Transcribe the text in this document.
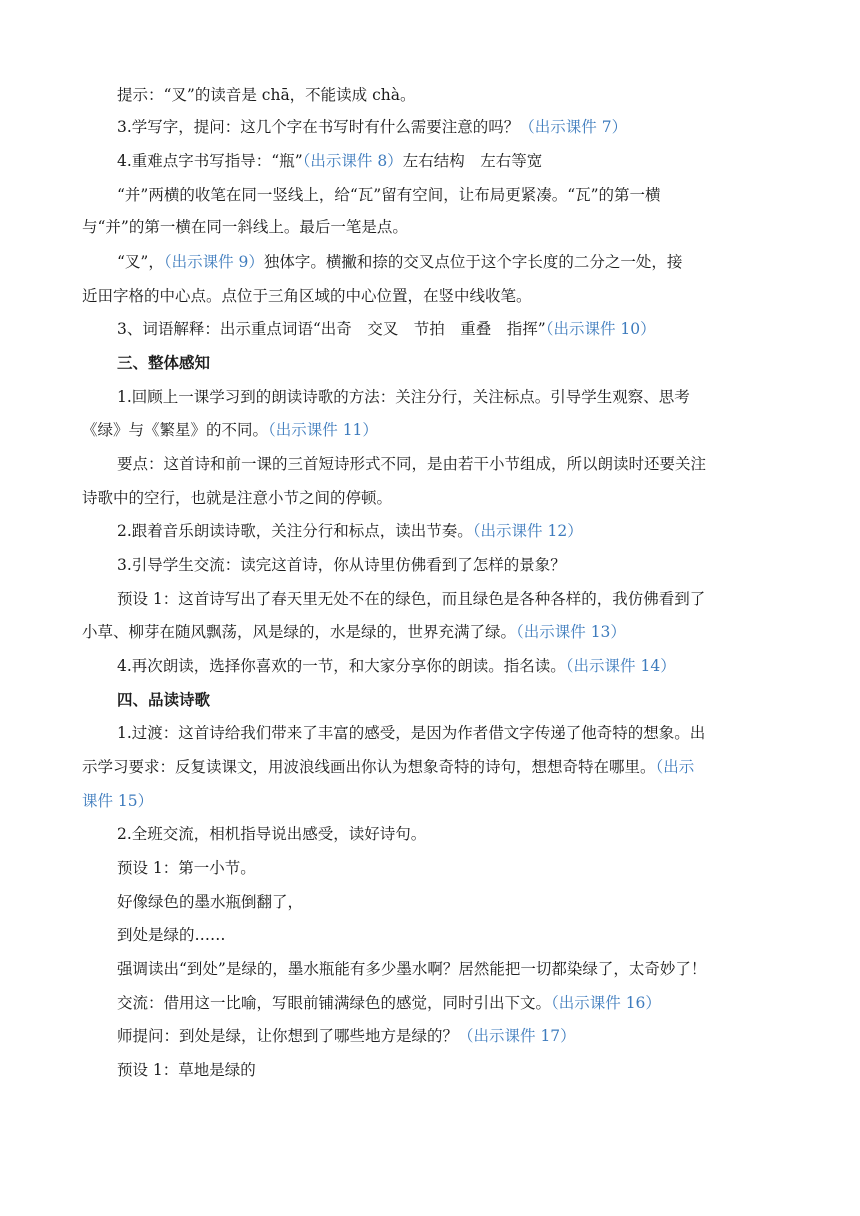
提示：“叉”的读音是 chā，不能读成 chà。
3.学写字，提问：这几个字在书写时有什么需要注意的吗？（出示课件 7）
4.重难点字书写指导：“瓶”（出示课件 8）左右结构　左右等宽
“并”两横的收笔在同一竖线上，给“瓦”留有空间，让布局更紧凑。“瓦”的第一横
与“并”的第一横在同一斜线上。最后一笔是点。
“叉”，（出示课件 9）独体字。横撇和捺的交叉点位于这个字长度的二分之一处，接
近田字格的中心点。点位于三角区域的中心位置，在竖中线收笔。
3、词语解释：出示重点词语“出奇　交叉　节拍　重叠　指挥”（出示课件 10）
三、整体感知
1.回顾上一课学习到的朗读诗歌的方法：关注分行，关注标点。引导学生观察、思考
《绿》与《繁星》的不同。（出示课件 11）
要点：这首诗和前一课的三首短诗形式不同，是由若干小节组成，所以朗读时还要关注
诗歌中的空行，也就是注意小节之间的停顿。
2.跟着音乐朗读诗歌，关注分行和标点，读出节奏。（出示课件 12）
3.引导学生交流：读完这首诗，你从诗里仿佛看到了怎样的景象？
预设 1：这首诗写出了春天里无处不在的绿色，而且绿色是各种各样的，我仿佛看到了
小草、柳芽在随风飘荡，风是绿的，水是绿的，世界充满了绿。（出示课件 13）
4.再次朗读，选择你喜欢的一节，和大家分享你的朗读。指名读。（出示课件 14）
四、品读诗歌
1.过渡：这首诗给我们带来了丰富的感受，是因为作者借文字传递了他奇特的想象。出
示学习要求：反复读课文，用波浪线画出你认为想象奇特的诗句，想想奇特在哪里。（出示
课件 15）
2.全班交流，相机指导说出感受，读好诗句。
预设 1：第一小节。
好像绿色的墨水瓶倒翻了，
到处是绿的……
强调读出“到处”是绿的，墨水瓶能有多少墨水啊？居然能把一切都染绿了，太奇妙了！
交流：借用这一比喻，写眼前铺满绿色的感觉，同时引出下文。（出示课件 16）
师提问：到处是绿，让你想到了哪些地方是绿的？（出示课件 17）
预设 1：草地是绿的
